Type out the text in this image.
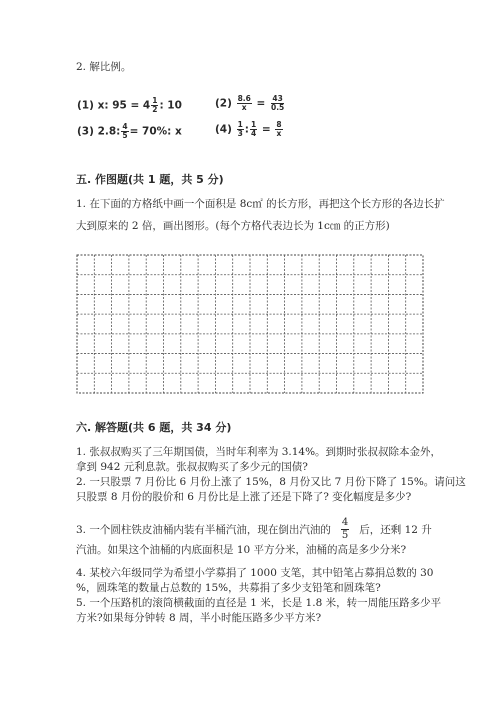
2. 解比例。
(1) x: $95 = 4 \frac{1}{2}$ : 10	$(2) \frac{8.6}{x} = \frac{43}{0.5}$
(3) 2.8: $\frac{4}{5} = 70\%$: x	$(4) \frac{1}{3}$ : $\frac{1}{4} = \frac{8}{x}$
五. 作图题(共 1 题，共 5 分)
1. 在下面的方格纸中画一个面积是 8c㎡ 的长方形，再把这个长方形的各边长扩
大到原来的 2 倍，画出图形。(每个方格代表边长为 1c㎝ 的正方形)
六. 解答题(共 6 题，共 34 分)
1. 张叔叔购买了三年期国债，当时年利率为 3.14%。到期时张叔叔除本金外，
拿到 942 元利息款。张叔叔购买了多少元的国债?
2. 一只股票 7 月份比 6 月份上涨了 15%，8 月份又比 7 月份下降了 15%。请问这
只股票 8 月份的股价和 6 月份比是上涨了还是下降了? 变化幅度是多少?
3. 一个圆柱铁皮油桶内装有半桶汽油，现在倒出汽油的 $\frac{4}{5}$ 后，还剩 12 升
汽油。如果这个油桶的内底面积是 10 平方分米，油桶的高是多少分米?
4. 某校六年级同学为希望小学募捐了 1000 支笔，其中铅笔占募捐总数的 30
%，圆珠笔的数量占总数的 15%，共募捐了多少支铅笔和圆珠笔?
5. 一个压路机的滚筒横截面的直径是 1 米，长是 1.8 米，转一周能压路多少平
方米?如果每分钟转 8 周，半小时能压路多少平方米?
